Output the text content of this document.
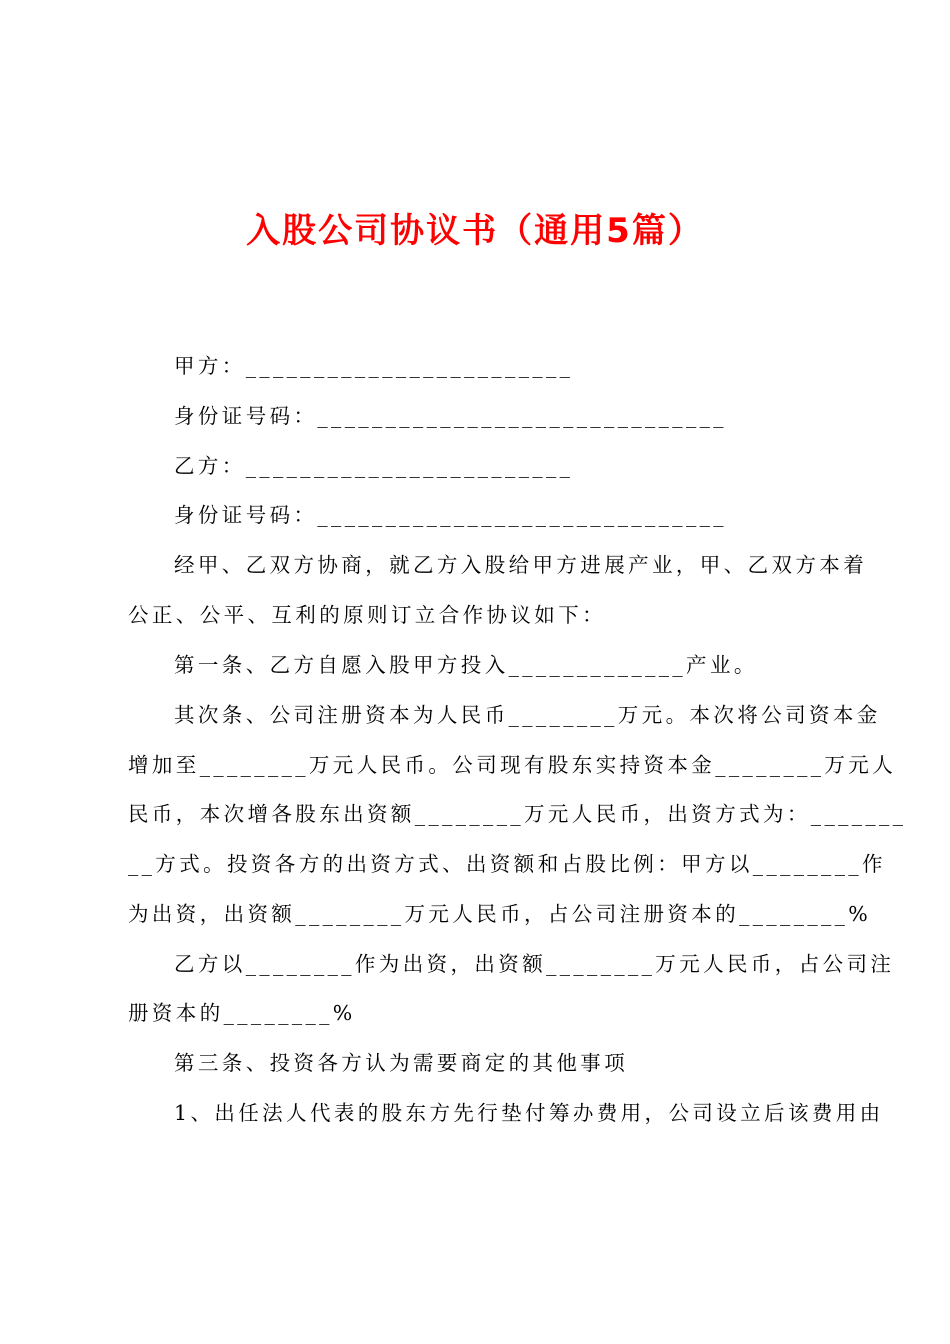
入股公司协议书（通用5篇）
甲方：________________________
身份证号码：______________________________
乙方：________________________
身份证号码：______________________________
经甲、乙双方协商，就乙方入股给甲方进展产业，甲、乙双方本着
公正、公平、互利的原则订立合作协议如下：
第一条、乙方自愿入股甲方投入_____________产业。
其次条、公司注册资本为人民币________万元。本次将公司资本金
增加至________万元人民币。公司现有股东实持资本金________万元人
民币，本次增各股东出资额________万元人民币，出资方式为：_______
__方式。投资各方的出资方式、出资额和占股比例：甲方以________作
为出资，出资额________万元人民币，占公司注册资本的________%
乙方以________作为出资，出资额________万元人民币，占公司注
册资本的________%
第三条、投资各方认为需要商定的其他事项
1、出任法人代表的股东方先行垫付筹办费用，公司设立后该费用由
